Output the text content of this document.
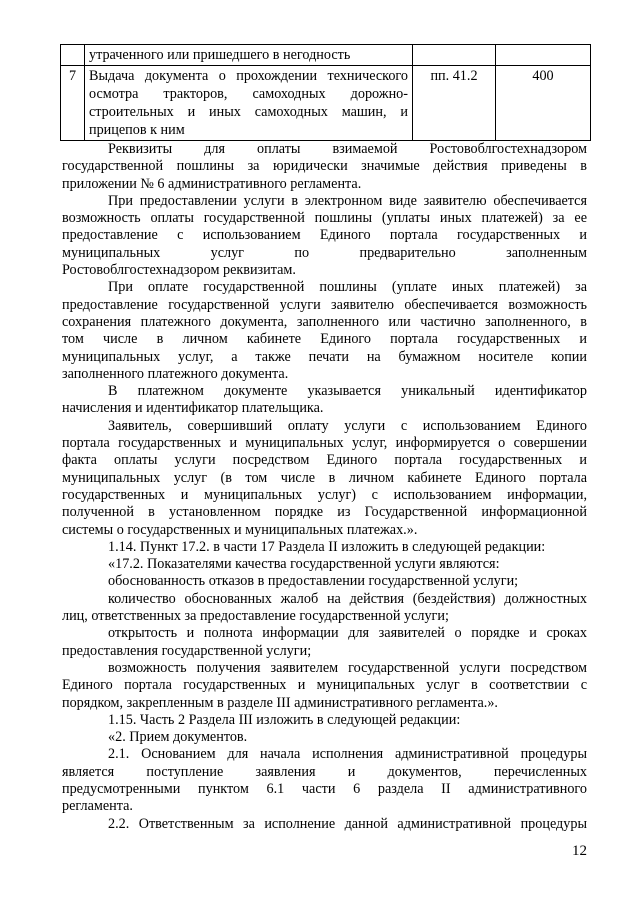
	утраченного или пришедшего в негодность		

7	Выдача документа о прохождении технического
осмотра тракторов, самоходных дорожно-
строительных и иных самоходных машин, и
прицепов к ним	пп. 41.2	400
Реквизиты для оплаты взимаемой Ростовоблгостехнадзором
государственной пошлины за юридически значимые действия приведены в
приложении № 6 административного регламента.
При предоставлении услуги в электронном виде заявителю обеспечивается
возможность оплаты государственной пошлины (уплаты иных платежей) за ее
предоставление с использованием Единого портала государственных и
муниципальных услуг по предварительно заполненным
Ростовоблгостехнадзором реквизитам.
При оплате государственной пошлины (уплате иных платежей) за
предоставление государственной услуги заявителю обеспечивается возможность
сохранения платежного документа, заполненного или частично заполненного, в
том числе в личном кабинете Единого портала государственных и
муниципальных услуг, а также печати на бумажном носителе копии
заполненного платежного документа.
В платежном документе указывается уникальный идентификатор
начисления и идентификатор плательщика.
Заявитель, совершивший оплату услуги с использованием Единого
портала государственных и муниципальных услуг, информируется о совершении
факта оплаты услуги посредством Единого портала государственных и
муниципальных услуг (в том числе в личном кабинете Единого портала
государственных и муниципальных услуг) с использованием информации,
полученной в установленном порядке из Государственной информационной
системы о государственных и муниципальных платежах.».
1.14. Пункт 17.2. в части 17 Раздела II изложить в следующей редакции:
«17.2. Показателями качества государственной услуги являются:
обоснованность отказов в предоставлении государственной услуги;
количество обоснованных жалоб на действия (бездействия) должностных
лиц, ответственных за предоставление государственной услуги;
открытость и полнота информации для заявителей о порядке и сроках
предоставления государственной услуги;
возможность получения заявителем государственной услуги посредством
Единого портала государственных и муниципальных услуг в соответствии с
порядком, закрепленным в разделе III административного регламента.».
1.15. Часть 2 Раздела III изложить в следующей редакции:
«2. Прием документов.
2.1. Основанием для начала исполнения административной процедуры
является поступление заявления и документов, перечисленных
предусмотренными пунктом 6.1 части 6 раздела II административного
регламента.
2.2. Ответственным за исполнение данной административной процедуры
12
